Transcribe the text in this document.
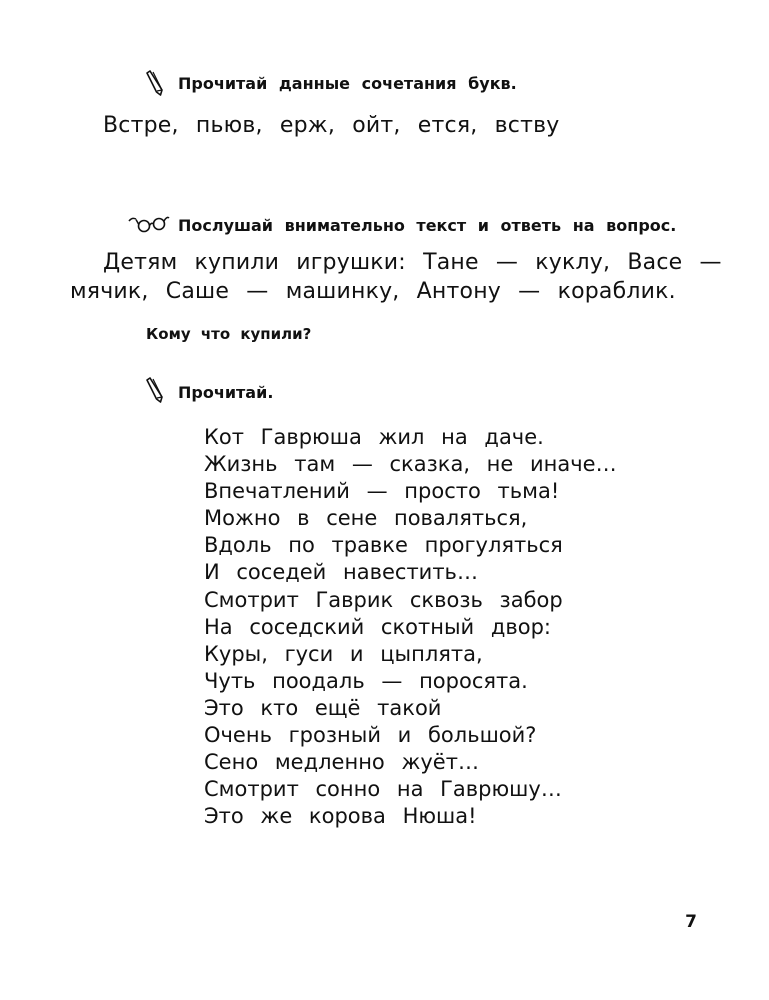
Прочитай данные сочетания букв.
Встре, пьюв, ерж, ойт, ется, вству
Послушай внимательно текст и ответь на вопрос.
Детям купили игрушки: Тане — куклу, Васе —
мячик, Саше — машинку, Антону — кораблик.
Кому что купили?
Прочитай.
Кот Гаврюша жил на даче.
Жизнь там — сказка, не иначе…
Впечатлений — просто тьма!
Можно в сене поваляться,
Вдоль по травке прогуляться
И соседей навестить…
Смотрит Гаврик сквозь забор
На соседский скотный двор:
Куры, гуси и цыплята,
Чуть поодаль — поросята.
Это кто ещё такой
Очень грозный и большой?
Сено медленно жуёт…
Смотрит сонно на Гаврюшу…
Это же корова Нюша!
7
